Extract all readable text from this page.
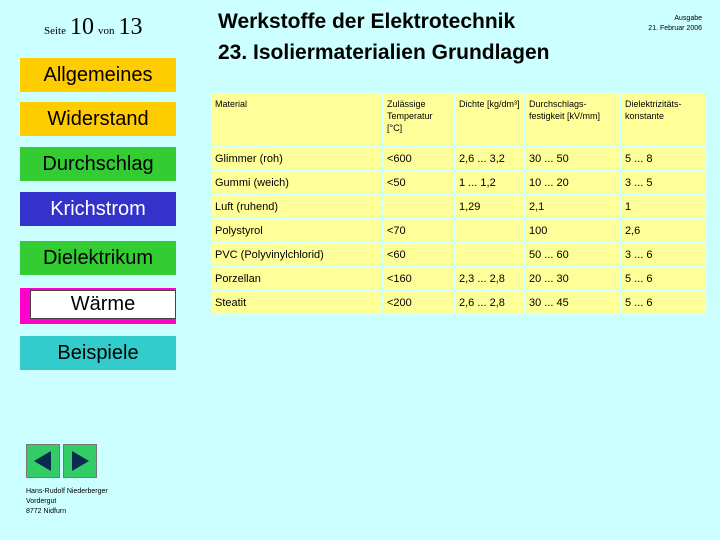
Seite 10 von 13	Werkstoffe der Elektrotechnik
23. Isoliermaterialien Grundlagen
Ausgabe
21. Februar 2006
Allgemeines
Widerstand
Durchschlag
Krichstrom
Dielektrikum
Wärme
Beispiele
Hans-Rudolf Niederberger
Vordergut
8772 Nidfurn
Material	Zulässige Temperatur [°C]	Dichte [kg/dm³]	Durchschlags-festigkeit [kV/mm]	Dielektrizitäts-konstante
Glimmer (roh)	<600	2,6 ... 3,2	30 ... 50	5 ... 8
Gummi (weich)	<50	1 ... 1,2	10 ... 20	3 ... 5
Luft (ruhend)		1,29	2,1	1
Polystyrol	<70		100	2,6
PVC (Polyvinylchlorid)	<60		50 ... 60	3 ... 6
Porzellan	<160	2,3 ... 2,8	20 ... 30	5 ... 6
Steatit	<200	2,6 ... 2,8	30 ... 45	5 ... 6
